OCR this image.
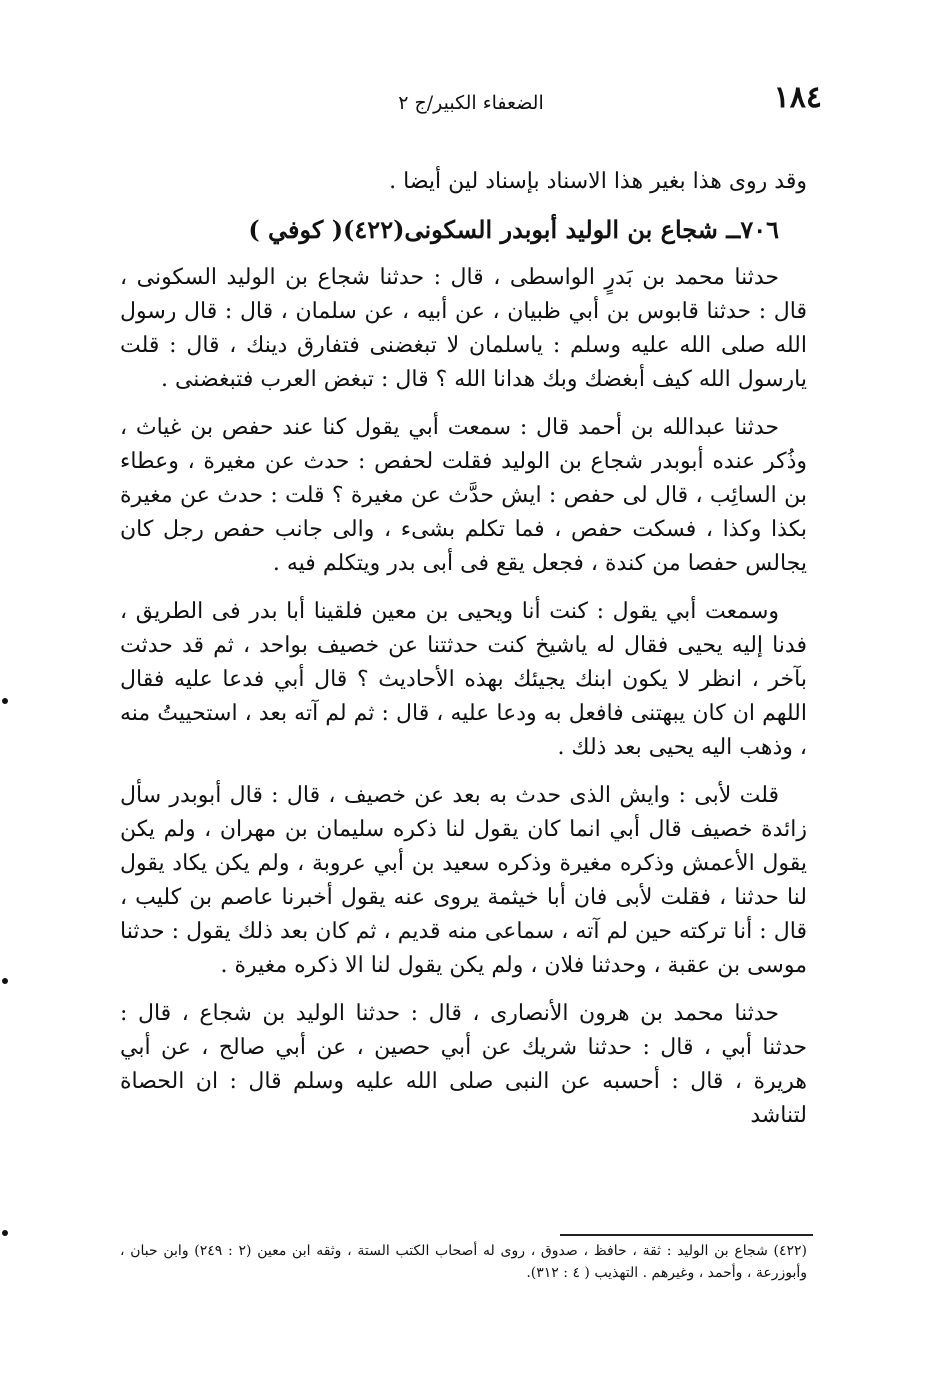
١٨٤
الضعفاء الكبير/ج ٢

وقد روى هذا بغير هذا الاسناد بإسناد لين أيضا .

٧٠٦ــ شجاع بن الوليد أبوبدر السكونى(٤٢٢)( كوفي )

حدثنا محمد بن بَدرٍ الواسطى ، قال : حدثنا شجاع بن الوليد السكونى ، قال : حدثنا قابوس بن أبي ظبيان ، عن أبيه ، عن سلمان ، قال : قال رسول الله صلى الله عليه وسلم : ياسلمان لا تبغضنى فتفارق دينك ، قال : قلت يارسول الله كيف أبغضك وبك هدانا الله ؟ قال : تبغض العرب فتبغضنى .

حدثنا عبدالله بن أحمد قال : سمعت أبي يقول كنا عند حفص بن غياث ، وذُكر عنده أبوبدر شجاع بن الوليد فقلت لحفص : حدث عن مغيرة ، وعطاء بن السائِب ، قال لى حفص : ايش حدَّث عن مغيرة ؟ قلت : حدث عن مغيرة بكذا وكذا ، فسكت حفص ، فما تكلم بشىء ، والى جانب حفص رجل كان يجالس حفصا من كندة ، فجعل يقع فى أبى بدر ويتكلم فيه .

وسمعت أبي يقول : كنت أنا ويحيى بن معين فلقينا أبا بدر فى الطريق ، فدنا إليه يحيى فقال له ياشيخ كنت حدثتنا عن خصيف بواحد ، ثم قد حدثت بآخر ، انظر لا يكون ابنك يجيئك بهذه الأحاديث ؟ قال أبي فدعا عليه فقال اللهم ان كان يبهتنى فافعل به ودعا عليه ، قال : ثم لم آته بعد ، استحييتُ منه ، وذهب اليه يحيى بعد ذلك .

قلت لأبى : وايش الذى حدث به بعد عن خصيف ، قال : قال أبوبدر سأل زائدة خصيف قال أبي انما كان يقول لنا ذكره سليمان بن مهران ، ولم يكن يقول الأعمش وذكره مغيرة وذكره سعيد بن أبي عروبة ، ولم يكن يكاد يقول لنا حدثنا ، فقلت لأبى فان أبا خيثمة يروى عنه يقول أخبرنا عاصم بن كليب ، قال : أنا تركته حين لم آته ، سماعى منه قديم ، ثم كان بعد ذلك يقول : حدثنا موسى بن عقبة ، وحدثنا فلان ، ولم يكن يقول لنا الا ذكره مغيرة .

حدثنا محمد بن هرون الأنصارى ، قال : حدثنا الوليد بن شجاع ، قال : حدثنا أبي ، قال : حدثنا شريك عن أبي حصين ، عن أبي صالح ، عن أبي هريرة ، قال : أحسبه عن النبى صلى الله عليه وسلم قال : ان الحصاة لتناشد

(٤٢٢) شجاع بن الوليد : ثقة ، حافظ ، صدوق ، روى له أصحاب الكتب الستة ، وثقه ابن معين (٢ : ٢٤٩) وابن حبان ، وأبوزرعة ، وأحمد ، وغيرهم . التهذيب ( ٤ : ٣١٢).
